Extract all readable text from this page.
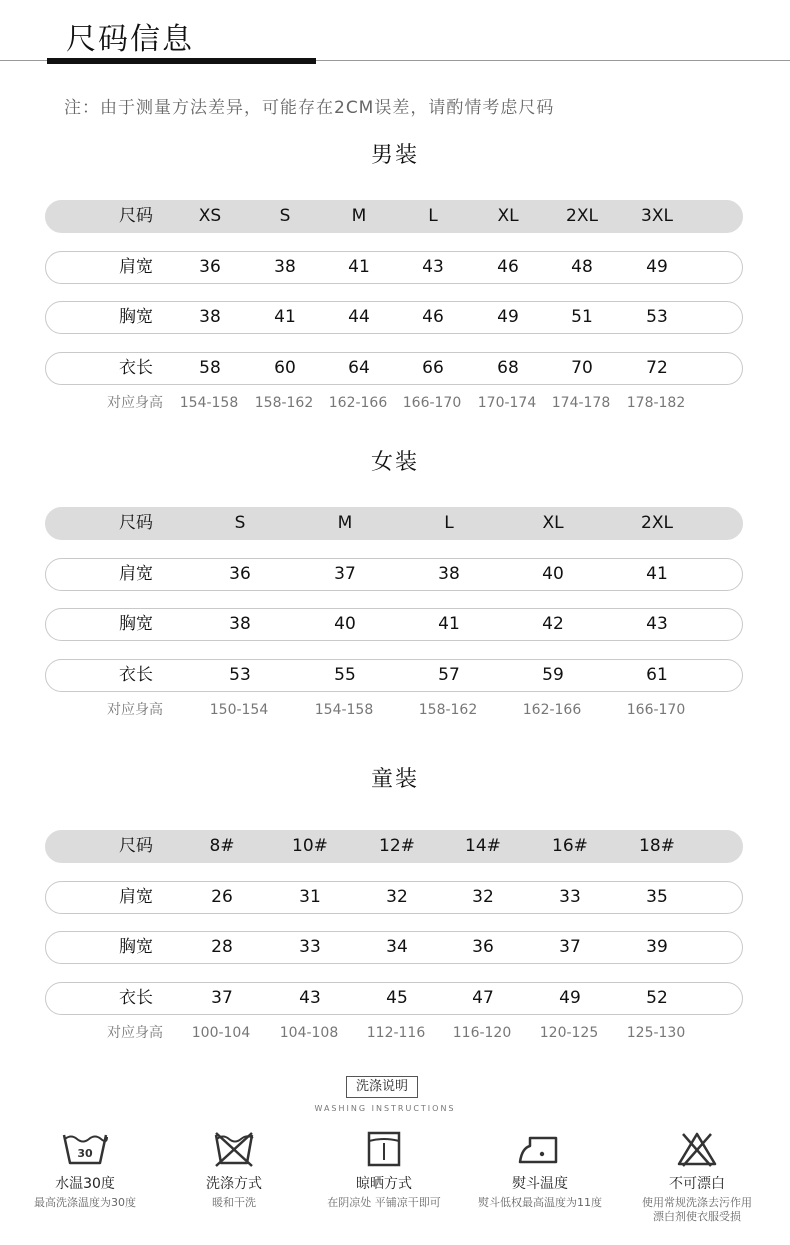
尺码信息
注：由于测量方法差异，可能存在2CM误差，请酌情考虑尺码
男装
尺码	XS	S	M	L	XL	2XL	3XL
肩宽	36	38	41	43	46	48	49
胸宽	38	41	44	46	49	51	53
衣长	58	60	64	66	68	70	72
对应身高 154-158 158-162 162-166 166-170 170-174 174-178 178-182
女装
尺码	S	M	L	XL	2XL
肩宽	36	37	38	40	41
胸宽	38	40	41	42	43
衣长	53	55	57	59	61
对应身高	150-154	154-158	158-162	162-166	166-170
童装
尺码	8#	10#	12#	14#	16#	18#
肩宽	26	31	32	32	33	35
胸宽	28	33	34	36	37	39
衣长	37	43	45	47	49	52
对应身高 100-104 104-108 112-116 116-120 120-125 125-130
洗涤说明
WASHING INSTRUCTIONS
30
水温30度
最高洗涤温度为30度
洗涤方式
暖和干洗
晾晒方式
在阴凉处 平铺凉干即可
熨斗温度
熨斗低权最高温度为11度
不可漂白
使用常规洗涤去污作用
漂白剂使衣服受损
